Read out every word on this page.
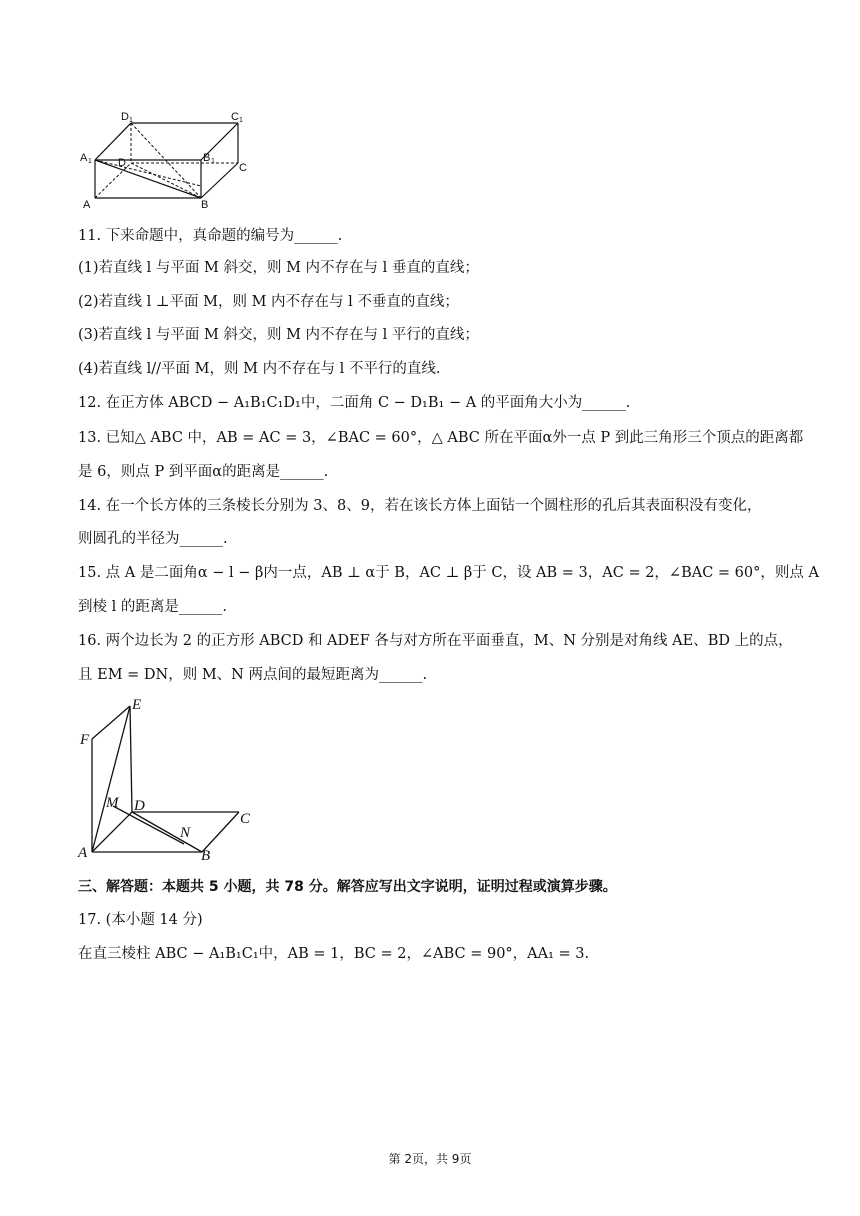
D 1	C 1
A 1	B 1
D	C
A	B
11. 下来命题中，真命题的编号为______.
(1)若直线 l 与平面 M 斜交，则 M 内不存在与 l 垂直的直线；
(2)若直线 l ⊥平面 M，则 M 内不存在与 l 不垂直的直线；
(3)若直线 l 与平面 M 斜交，则 M 内不存在与 l 平行的直线；
(4)若直线 l//平面 M，则 M 内不存在与 l 不平行的直线.
12. 在正方体 ABCD − A₁B₁C₁D₁中，二面角 C − D₁B₁ − A 的平面角大小为______.
13. 已知△ ABC 中，AB = AC = 3，∠BAC = 60°，△ ABC 所在平面α外一点 P 到此三角形三个顶点的距离都
是 6，则点 P 到平面α的距离是______.
14. 在一个长方体的三条棱长分别为 3、8、9，若在该长方体上面钻一个圆柱形的孔后其表面积没有变化，
则圆孔的半径为______.
15. 点 A 是二面角α − l − β内一点，AB ⊥ α于 B，AC ⊥ β于 C，设 AB = 3，AC = 2，∠BAC = 60°，则点 A
到棱 l 的距离是______.
16. 两个边长为 2 的正方形 ABCD 和 ADEF 各与对方所在平面垂直，M、N 分别是对角线 AE、BD 上的点，
且 EM = DN，则 M、N 两点间的最短距离为______.
E
F
M D
C
N
A	B
三、解答题：本题共 5 小题，共 78 分。解答应写出文字说明，证明过程或演算步骤。
17. (本小题 14 分)
在直三棱柱 ABC − A₁B₁C₁中，AB = 1，BC = 2，∠ABC = 90°，AA₁ = 3.
第 2页，共 9页
